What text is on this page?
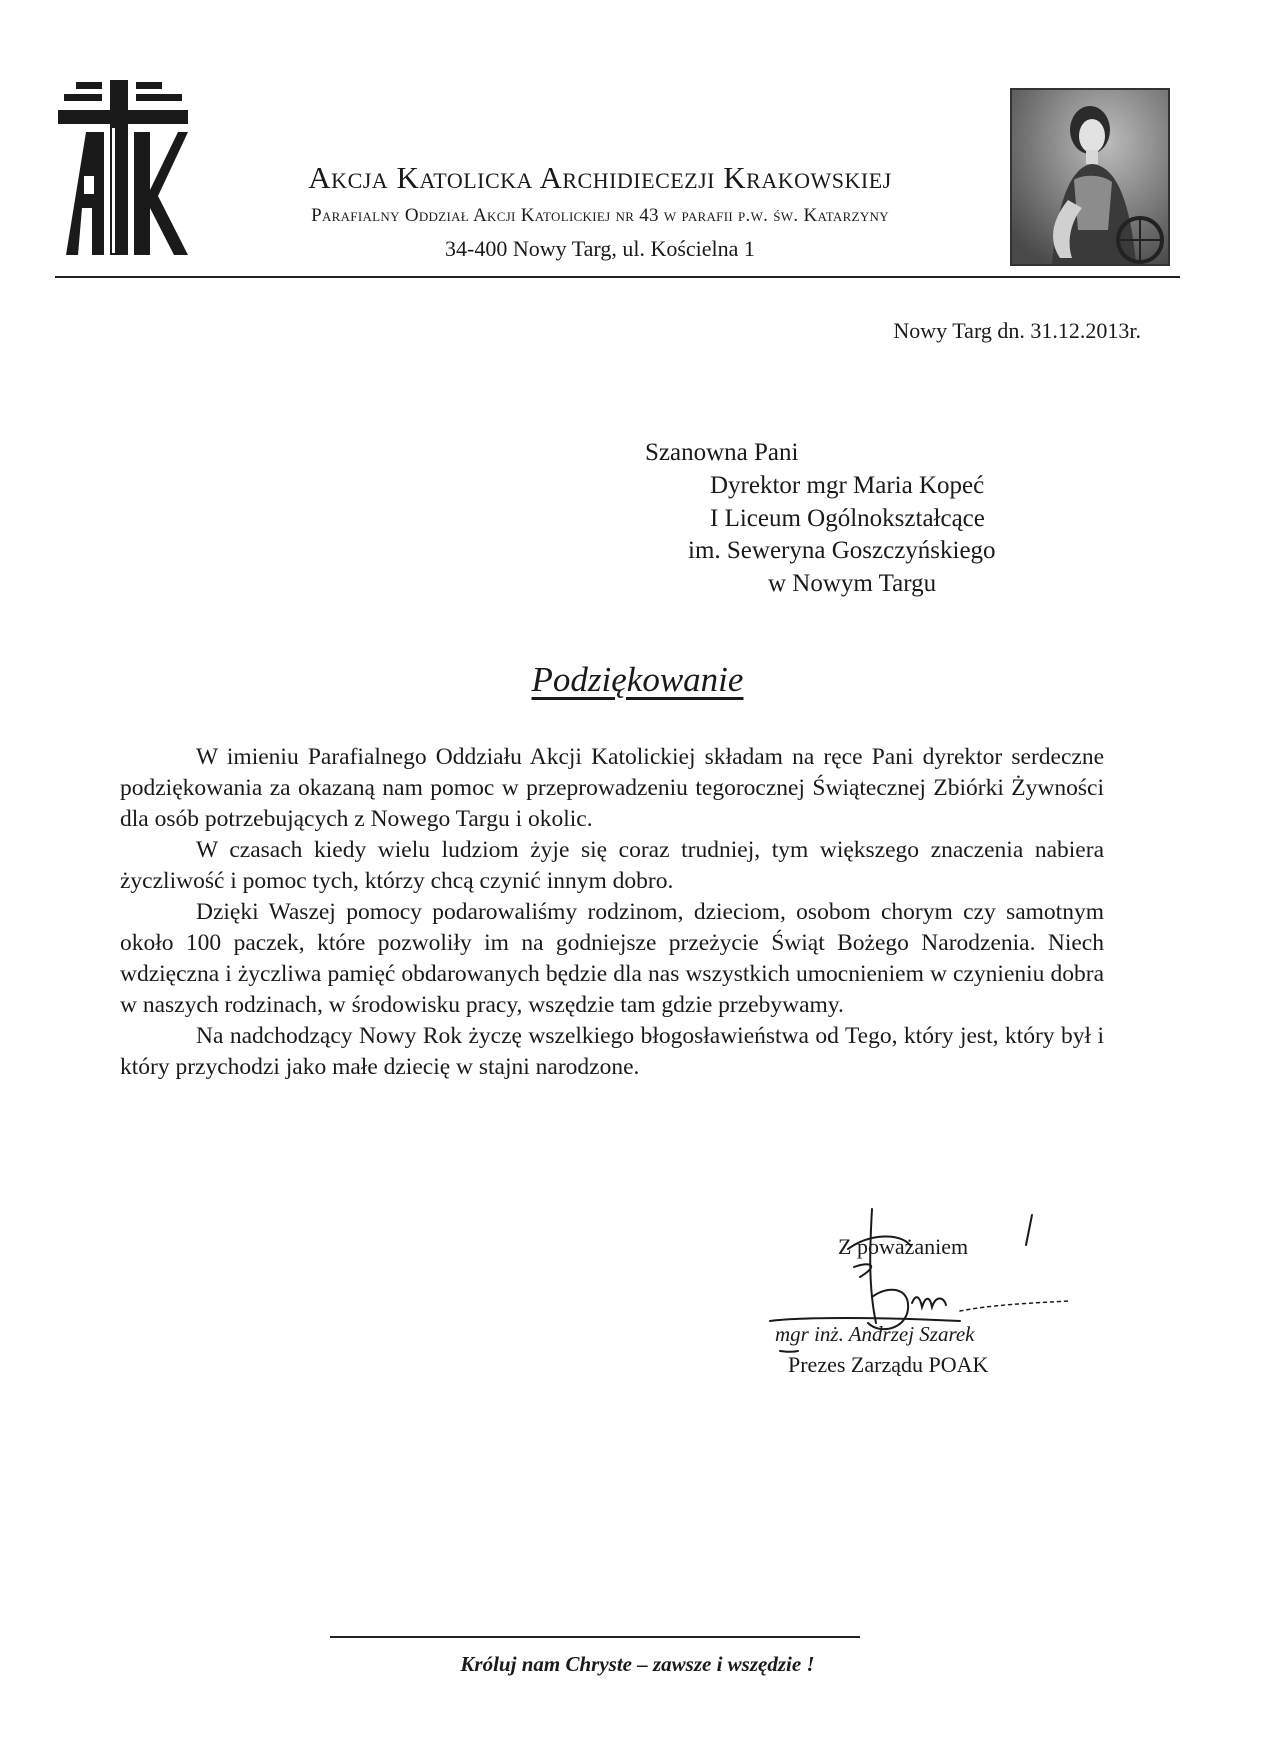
Akcja Katolicka Archidiecezji Krakowskiej
Parafialny Oddział Akcji Katolickiej nr 43 w parafii p.w. św. Katarzyny
34-400 Nowy Targ, ul. Kościelna 1
Nowy Targ dn. 31.12.2013r.
Szanowna Pani
Dyrektor mgr Maria Kopeć
I Liceum Ogólnokształcące
im. Seweryna Goszczyńskiego
w Nowym Targu
Podziękowanie

W imieniu Parafialnego Oddziału Akcji Katolickiej składam na ręce Pani dyrektor serdeczne podziękowania za okazaną nam pomoc w przeprowadzeniu tegorocznej Świątecznej Zbiórki Żywności dla osób potrzebujących z Nowego Targu i okolic.

W czasach kiedy wielu ludziom żyje się coraz trudniej, tym większego znaczenia nabiera życzliwość i pomoc tych, którzy chcą czynić innym dobro.

Dzięki Waszej pomocy podarowaliśmy rodzinom, dzieciom, osobom chorym czy samotnym około 100 paczek, które pozwoliły im na godniejsze przeżycie Świąt Bożego Narodzenia. Niech wdzięczna i życzliwa pamięć obdarowanych będzie dla nas wszystkich umocnieniem w czynieniu dobra w naszych rodzinach, w środowisku pracy, wszędzie tam gdzie przebywamy.

Na nadchodzący Nowy Rok życzę wszelkiego błogosławieństwa od Tego, który jest, który był i który przychodzi jako małe dziecię w stajni narodzone.

Z poważaniem
mgr inż. Andrzej Szarek
Prezes Zarządu POAK
Króluj nam Chryste – zawsze i wszędzie !
